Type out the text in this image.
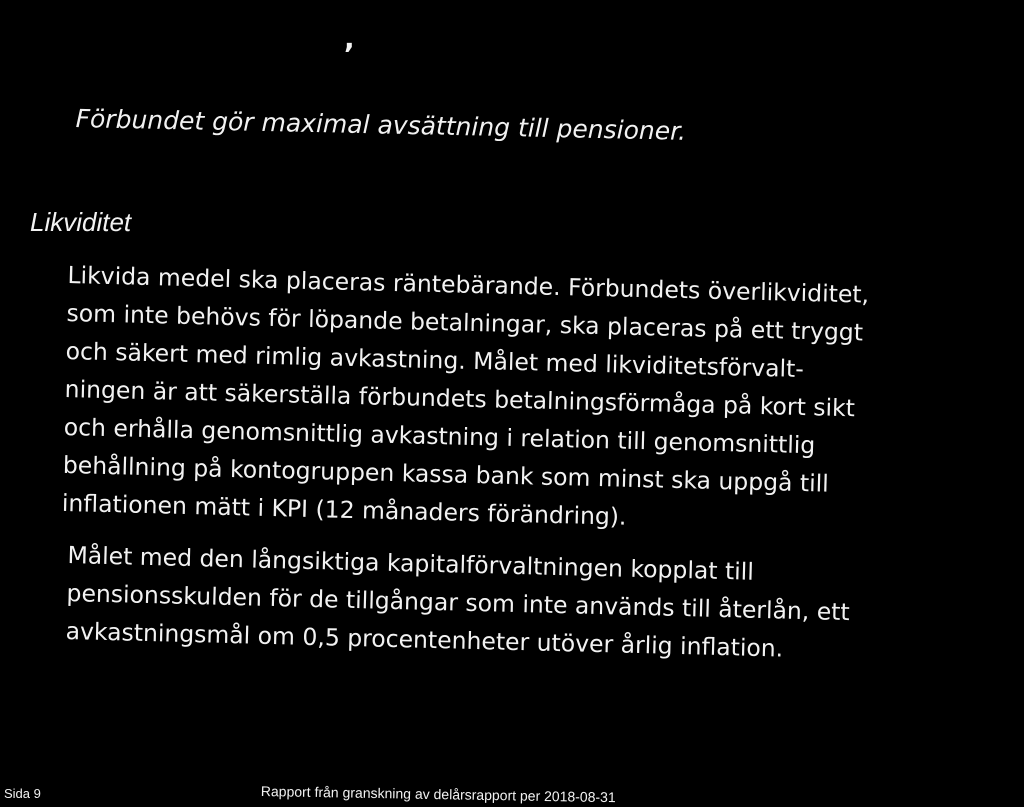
,
Förbundet gör maximal avsättning till pensioner.
Likviditet
Likvida medel ska placeras räntebärande. Förbundets överlikviditet,
som inte behövs för löpande betalningar, ska placeras på ett tryggt
och säkert med rimlig avkastning. Målet med likviditetsförvalt-
ningen är att säkerställa förbundets betalningsförmåga på kort sikt
och erhålla genomsnittlig avkastning i relation till genomsnittlig
behållning på kontogruppen kassa bank som minst ska uppgå till
inflationen mätt i KPI (12 månaders förändring).
Målet med den långsiktiga kapitalförvaltningen kopplat till
pensionsskulden för de tillgångar som inte används till återlån, ett
avkastningsmål om 0,5 procentenheter utöver årlig inflation.
Sida 9	Rapport från granskning av delårsrapport per 2018-08-31
